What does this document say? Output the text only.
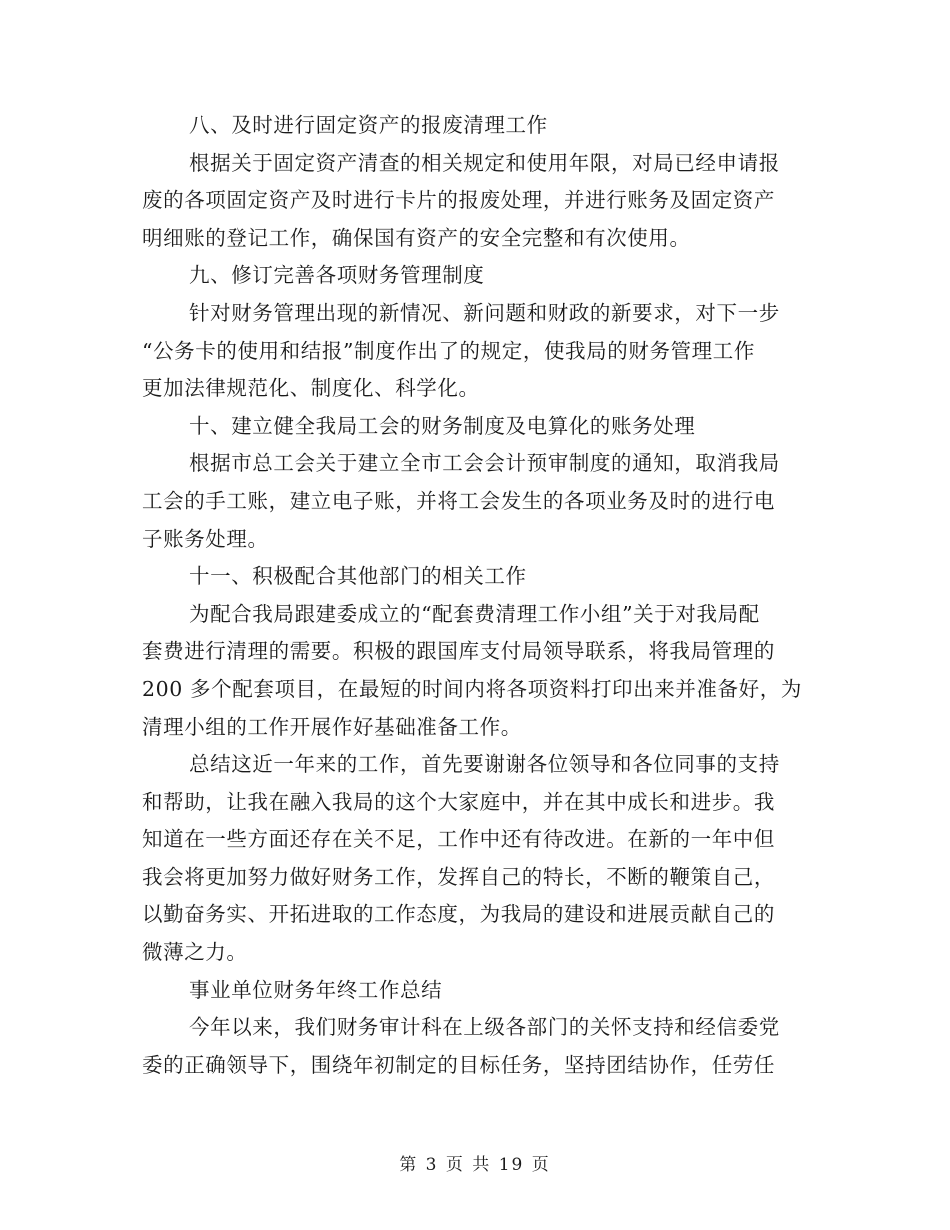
八、及时进行固定资产的报废清理工作
根据关于固定资产清查的相关规定和使用年限，对局已经申请报
废的各项固定资产及时进行卡片的报废处理，并进行账务及固定资产
明细账的登记工作，确保国有资产的安全完整和有次使用。
九、修订完善各项财务管理制度
针对财务管理出现的新情况、新问题和财政的新要求，对下一步
“公务卡的使用和结报”制度作出了的规定，使我局的财务管理工作
更加法律规范化、制度化、科学化。
十、建立健全我局工会的财务制度及电算化的账务处理
根据市总工会关于建立全市工会会计预审制度的通知，取消我局
工会的手工账，建立电子账，并将工会发生的各项业务及时的进行电
子账务处理。
十一、积极配合其他部门的相关工作
为配合我局跟建委成立的“配套费清理工作小组”关于对我局配
套费进行清理的需要。积极的跟国库支付局领导联系，将我局管理的
200 多个配套项目，在最短的时间内将各项资料打印出来并准备好，为
清理小组的工作开展作好基础准备工作。
总结这近一年来的工作，首先要谢谢各位领导和各位同事的支持
和帮助，让我在融入我局的这个大家庭中，并在其中成长和进步。我
知道在一些方面还存在关不足，工作中还有待改进。在新的一年中但
我会将更加努力做好财务工作，发挥自己的特长，不断的鞭策自己，
以勤奋务实、开拓进取的工作态度，为我局的建设和进展贡献自己的
微薄之力。
事业单位财务年终工作总结
今年以来，我们财务审计科在上级各部门的关怀支持和经信委党
委的正确领导下，围绕年初制定的目标任务，坚持团结协作，任劳任
第 3 页 共 19 页
